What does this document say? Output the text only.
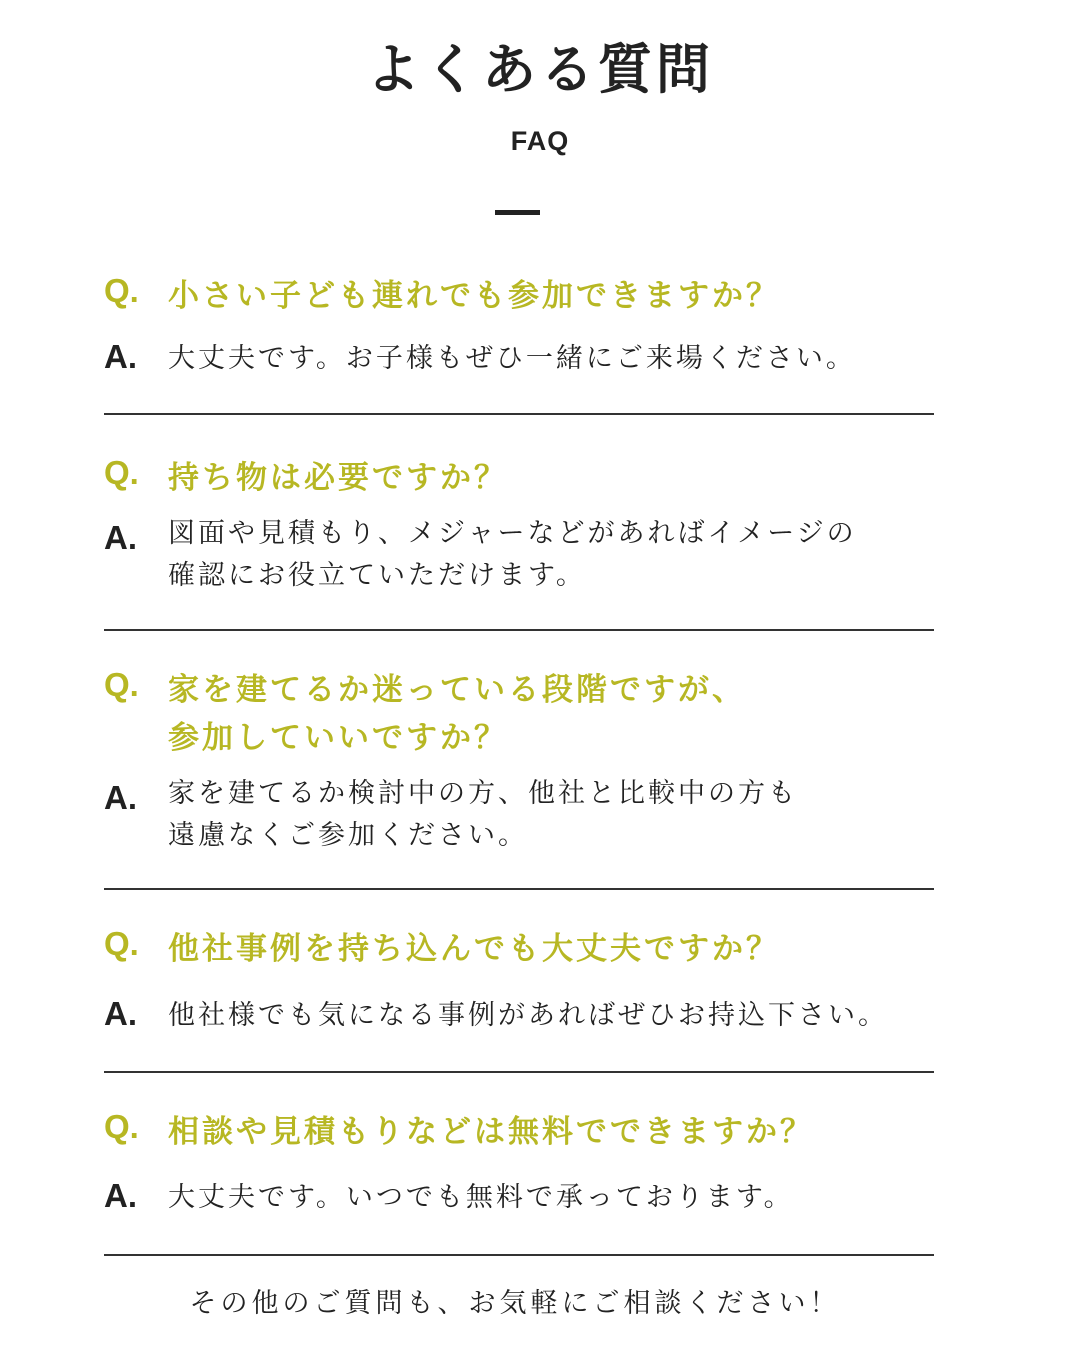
よくある質問
FAQ
Q. 小さい子ども連れでも参加できますか？
A.	大丈夫です。お子様もぜひ一緒にご来場ください。
Q. 持ち物は必要ですか？
A.	図面や見積もり、メジャーなどがあればイメージの
確認にお役立ていただけます。
Q. 家を建てるか迷っている段階ですが、
参加していいですか？
A.	家を建てるか検討中の方、他社と比較中の方も
遠慮なくご参加ください。
Q. 他社事例を持ち込んでも大丈夫ですか？
A.	他社様でも気になる事例があればぜひお持込下さい。
Q. 相談や見積もりなどは無料でできますか？
A.	大丈夫です。いつでも無料で承っております。
その他のご質問も、お気軽にご相談ください！
